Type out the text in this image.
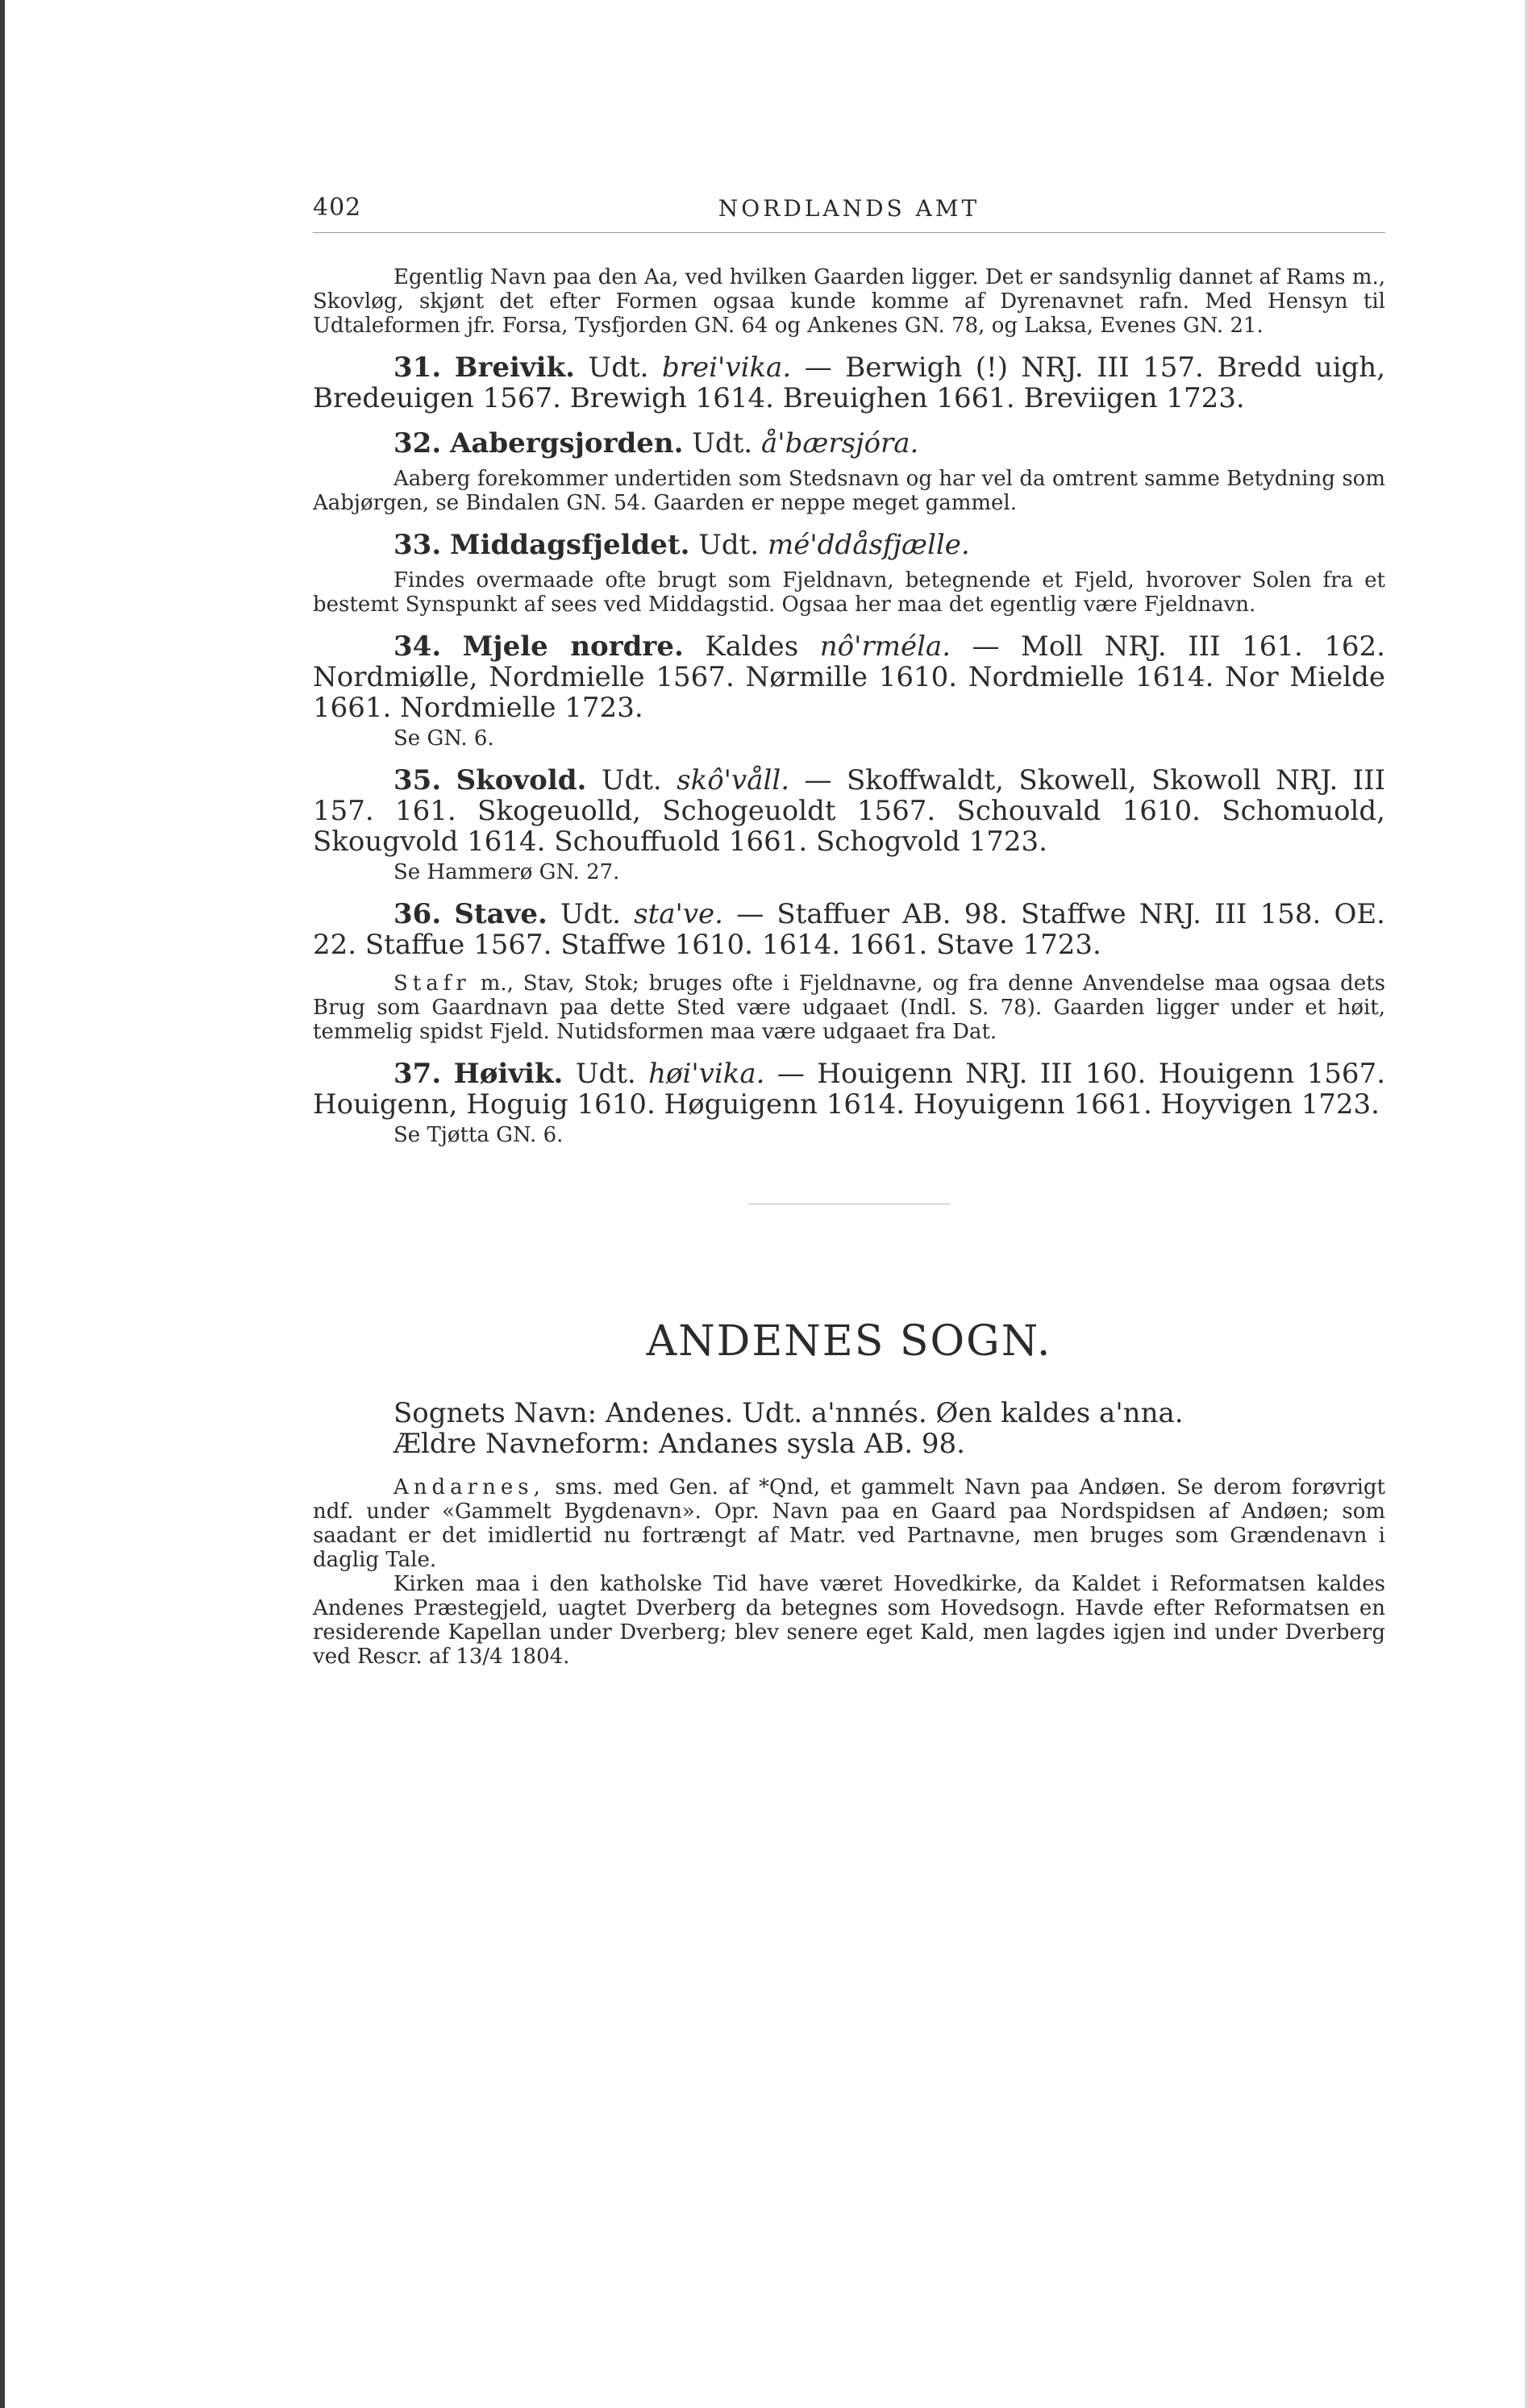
402	NORDLANDS AMT

Egentlig Navn paa den Aa, ved hvilken Gaarden ligger. Det er sandsynlig dannet af Rams m., Skovløg, skjønt det efter Formen ogsaa kunde komme af Dyrenavnet rafn. Med Hensyn til Udtaleformen jfr. Forsa, Tysfjorden GN. 64 og Ankenes GN. 78, og Laksa, Evenes GN. 21.

31. Breivik. Udt. brei'vika. — Berwigh (!) NRJ. III 157. Bredd uigh, Bredeuigen 1567. Brewigh 1614. Breuighen 1661. Breviigen 1723.

32. Aabergsjorden. Udt. å'bærsjóra.

Aaberg forekommer undertiden som Stedsnavn og har vel da omtrent samme Betydning som Aabjørgen, se Bindalen GN. 54. Gaarden er neppe meget gammel.

33. Middagsfjeldet. Udt. mé'ddåsfjælle.

Findes overmaade ofte brugt som Fjeldnavn, betegnende et Fjeld, hvorover Solen fra et bestemt Synspunkt af sees ved Middagstid. Ogsaa her maa det egentlig være Fjeldnavn.

34. Mjele nordre. Kaldes nô'rméla. — Moll NRJ. III 161. 162. Nordmiølle, Nordmielle 1567. Nørmille 1610. Nordmielle 1614. Nor Mielde 1661. Nordmielle 1723.

Se GN. 6.

35. Skovold. Udt. skô'våll. — Skoffwaldt, Skowell, Skowoll NRJ. III 157. 161. Skogeuolld, Schogeuoldt 1567. Schouvald 1610. Schomuold, Skougvold 1614. Schouffuold 1661. Schogvold 1723.

Se Hammerø GN. 27.

36. Stave. Udt. sta've. — Staffuer AB. 98. Staffwe NRJ. III 158. OE. 22. Staffue 1567. Staffwe 1610. 1614. 1661. Stave 1723.

Stafr m., Stav, Stok; bruges ofte i Fjeldnavne, og fra denne Anvendelse maa ogsaa dets Brug som Gaardnavn paa dette Sted være udgaaet (Indl. S. 78). Gaarden ligger under et høit, temmelig spidst Fjeld. Nutidsformen maa være udgaaet fra Dat.

37. Høivik. Udt. høi'vika. — Houigenn NRJ. III 160. Houigenn 1567. Houigenn, Hoguig 1610. Høguigenn 1614. Hoyuigenn 1661. Hoyvigen 1723.

Se Tjøtta GN. 6.

ANDENES SOGN.

Sognets Navn: Andenes. Udt. a'nnnés. Øen kaldes a'nna.

Ældre Navneform: Andanes sysla AB. 98.

Andarnes, sms. med Gen. af *Qnd, et gammelt Navn paa Andøen. Se derom forøvrigt ndf. under «Gammelt Bygdenavn». Opr. Navn paa en Gaard paa Nordspidsen af Andøen; som saadant er det imidlertid nu fortrængt af Matr. ved Partnavne, men bruges som Grændenavn i daglig Tale.

Kirken maa i den katholske Tid have været Hovedkirke, da Kaldet i Reformatsen kaldes Andenes Præstegjeld, uagtet Dverberg da betegnes som Hovedsogn. Havde efter Reformatsen en residerende Kapellan under Dverberg; blev senere eget Kald, men lagdes igjen ind under Dverberg ved Rescr. af 13/4 1804.
